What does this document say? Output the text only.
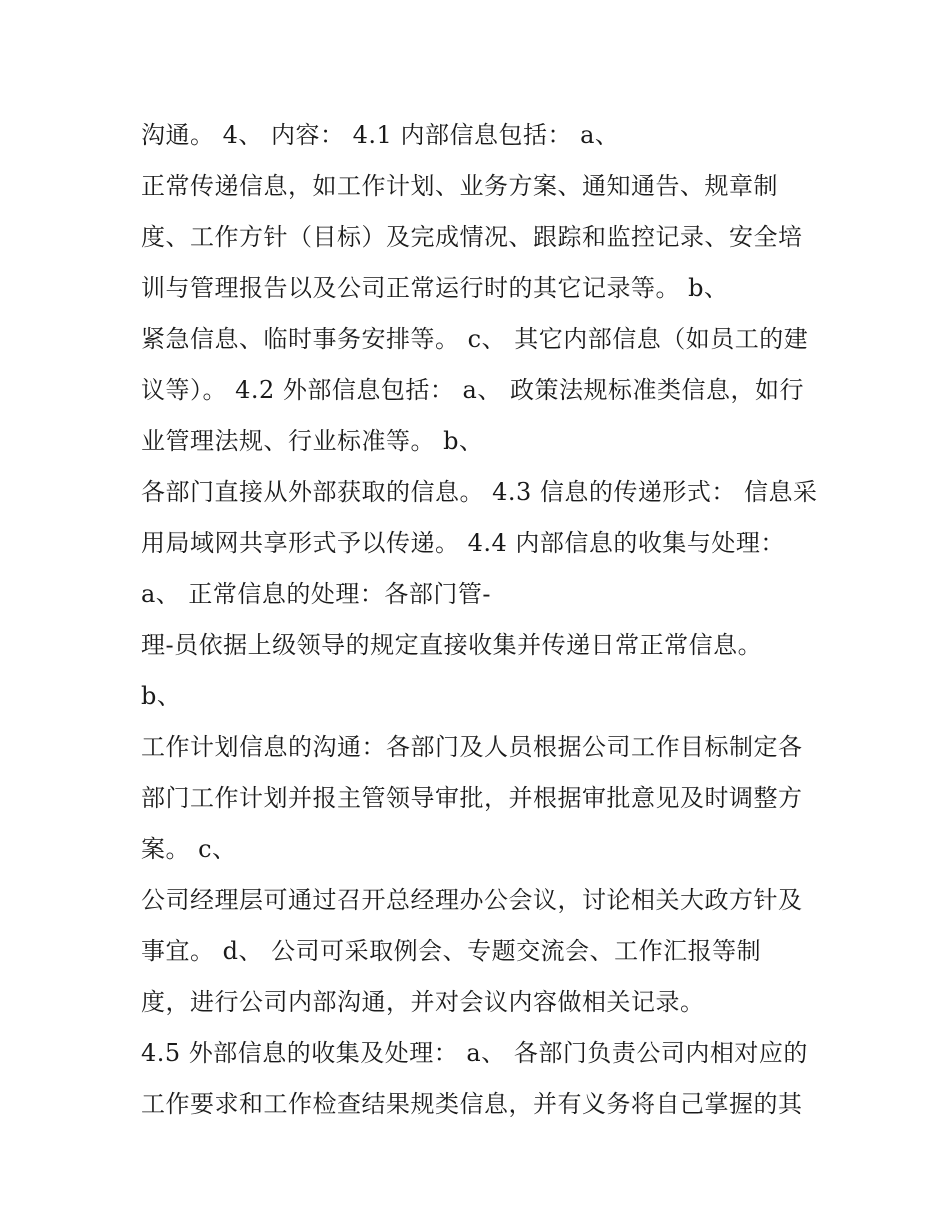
沟通。 4、 内容： 4.1 内部信息包括： a、
正常传递信息，如工作计划、业务方案、通知通告、规章制
度、工作方针（目标）及完成情况、跟踪和监控记录、安全培
训与管理报告以及公司正常运行时的其它记录等。 b、
紧急信息、临时事务安排等。 c、 其它内部信息（如员工的建
议等）。 4.2 外部信息包括： a、 政策法规标准类信息，如行
业管理法规、行业标准等。 b、
各部门直接从外部获取的信息。 4.3 信息的传递形式： 信息采
用局域网共享形式予以传递。 4.4 内部信息的收集与处理：
a、 正常信息的处理：各部门管-
理-员依据上级领导的规定直接收集并传递日常正常信息。
b、
工作计划信息的沟通：各部门及人员根据公司工作目标制定各
部门工作计划并报主管领导审批，并根据审批意见及时调整方
案。 c、
公司经理层可通过召开总经理办公会议，讨论相关大政方针及
事宜。 d、 公司可采取例会、专题交流会、工作汇报等制
度，进行公司内部沟通，并对会议内容做相关记录。
4.5 外部信息的收集及处理： a、 各部门负责公司内相对应的
工作要求和工作检查结果规类信息，并有义务将自己掌握的其
